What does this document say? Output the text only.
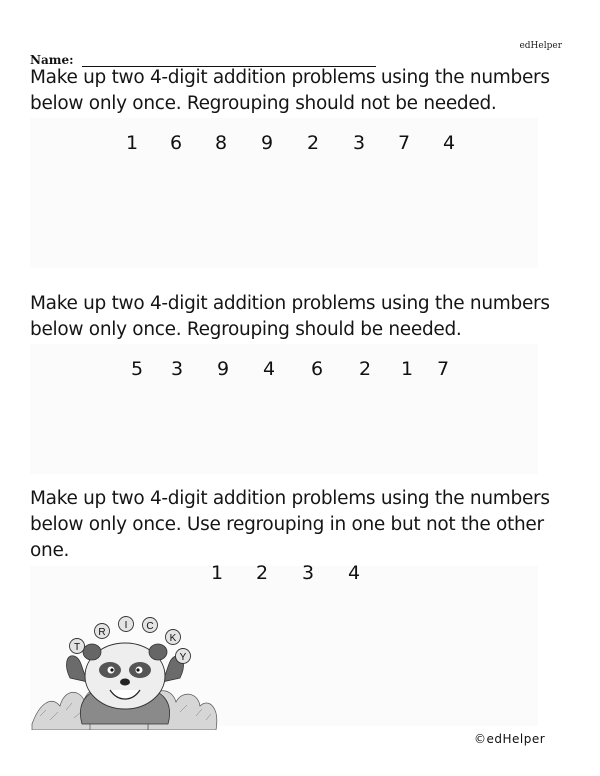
edHelper
Name:

Make up two 4-digit addition problems using the numbers below only once. Regrouping should not be needed.

1 6 8 9 2 3 7 4

Make up two 4-digit addition problems using the numbers below only once. Regrouping should be needed.

5 3 9 4 6 2 1 7

Make up two 4-digit addition problems using the numbers below only once. Use regrouping in one but not the other one.

1 2 3 4
T
R
I C
K
Y
©edHelper
